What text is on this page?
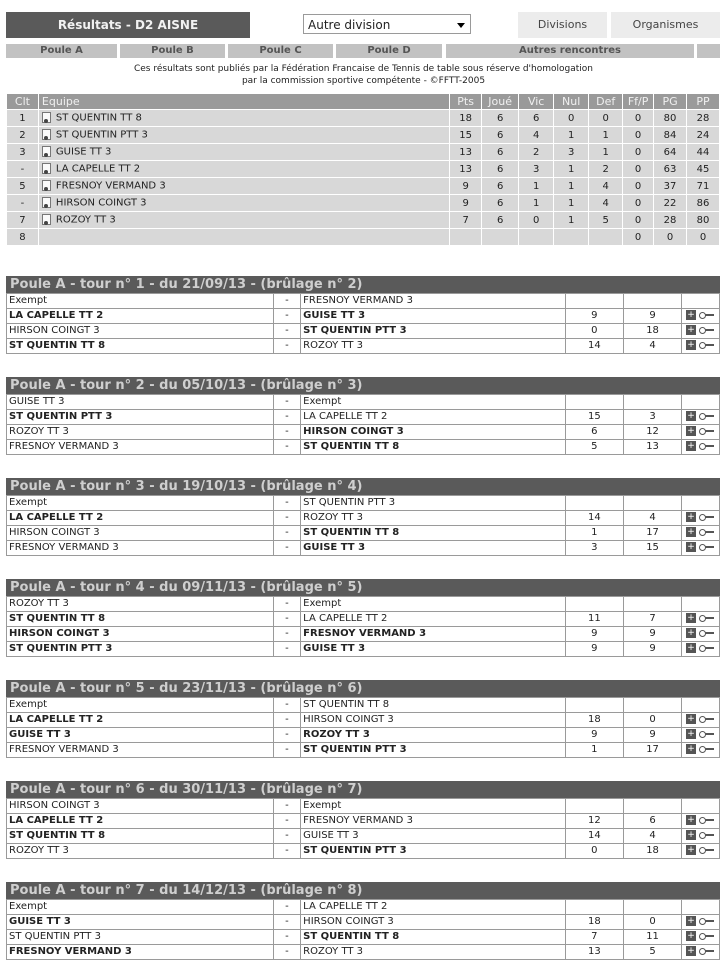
Résultats - D2 AISNE	Autre division	Divisions	Organismes
Poule A	Poule B	Poule C	Poule D	Autres rencontres
Ces résultats sont publiés par la Fédération Francaise de Tennis de table sous réserve d'homologation
par la commission sportive compétente - ©FFTT-2005
Clt	Equipe	Pts	Joué	Vic	Nul	Def	Ff/P	PG	PP
1	ST QUENTIN TT 8	18	6	6	0	0	0	80	28
2	ST QUENTIN PTT 3	15	6	4	1	1	0	84	24
3	GUISE TT 3	13	6	2	3	1	0	64	44
-	LA CAPELLE TT 2	13	6	3	1	2	0	63	45
5	FRESNOY VERMAND 3	9	6	1	1	4	0	37	71
-	HIRSON COINGT 3	9	6	1	1	4	0	22	86
7	ROZOY TT 3	7	6	0	1	5	0	28	80
8							0	0	0
Poule A - tour n° 1 - du 21/09/13 - (brûlage n° 2)
Exempt	-	FRESNOY VERMAND 3			
LA CAPELLE TT 2	-	GUISE TT 3	9	9	+
HIRSON COINGT 3	-	ST QUENTIN PTT 3	0	18	+
ST QUENTIN TT 8	-	ROZOY TT 3	14	4	+
Poule A - tour n° 2 - du 05/10/13 - (brûlage n° 3)
GUISE TT 3	-	Exempt			
ST QUENTIN PTT 3	-	LA CAPELLE TT 2	15	3	+
ROZOY TT 3	-	HIRSON COINGT 3	6	12	+
FRESNOY VERMAND 3	-	ST QUENTIN TT 8	5	13	+
Poule A - tour n° 3 - du 19/10/13 - (brûlage n° 4)
Exempt	-	ST QUENTIN PTT 3			
LA CAPELLE TT 2	-	ROZOY TT 3	14	4	+
HIRSON COINGT 3	-	ST QUENTIN TT 8	1	17	+
FRESNOY VERMAND 3	-	GUISE TT 3	3	15	+
Poule A - tour n° 4 - du 09/11/13 - (brûlage n° 5)
ROZOY TT 3	-	Exempt			
ST QUENTIN TT 8	-	LA CAPELLE TT 2	11	7	+
HIRSON COINGT 3	-	FRESNOY VERMAND 3	9	9	+
ST QUENTIN PTT 3	-	GUISE TT 3	9	9	+
Poule A - tour n° 5 - du 23/11/13 - (brûlage n° 6)
Exempt	-	ST QUENTIN TT 8			
LA CAPELLE TT 2	-	HIRSON COINGT 3	18	0	+
GUISE TT 3	-	ROZOY TT 3	9	9	+
FRESNOY VERMAND 3	-	ST QUENTIN PTT 3	1	17	+
Poule A - tour n° 6 - du 30/11/13 - (brûlage n° 7)
HIRSON COINGT 3	-	Exempt			
LA CAPELLE TT 2	-	FRESNOY VERMAND 3	12	6	+
ST QUENTIN TT 8	-	GUISE TT 3	14	4	+
ROZOY TT 3	-	ST QUENTIN PTT 3	0	18	+
Poule A - tour n° 7 - du 14/12/13 - (brûlage n° 8)
Exempt	-	LA CAPELLE TT 2			
GUISE TT 3	-	HIRSON COINGT 3	18	0	+
ST QUENTIN PTT 3	-	ST QUENTIN TT 8	7	11	+
FRESNOY VERMAND 3	-	ROZOY TT 3	13	5	+
